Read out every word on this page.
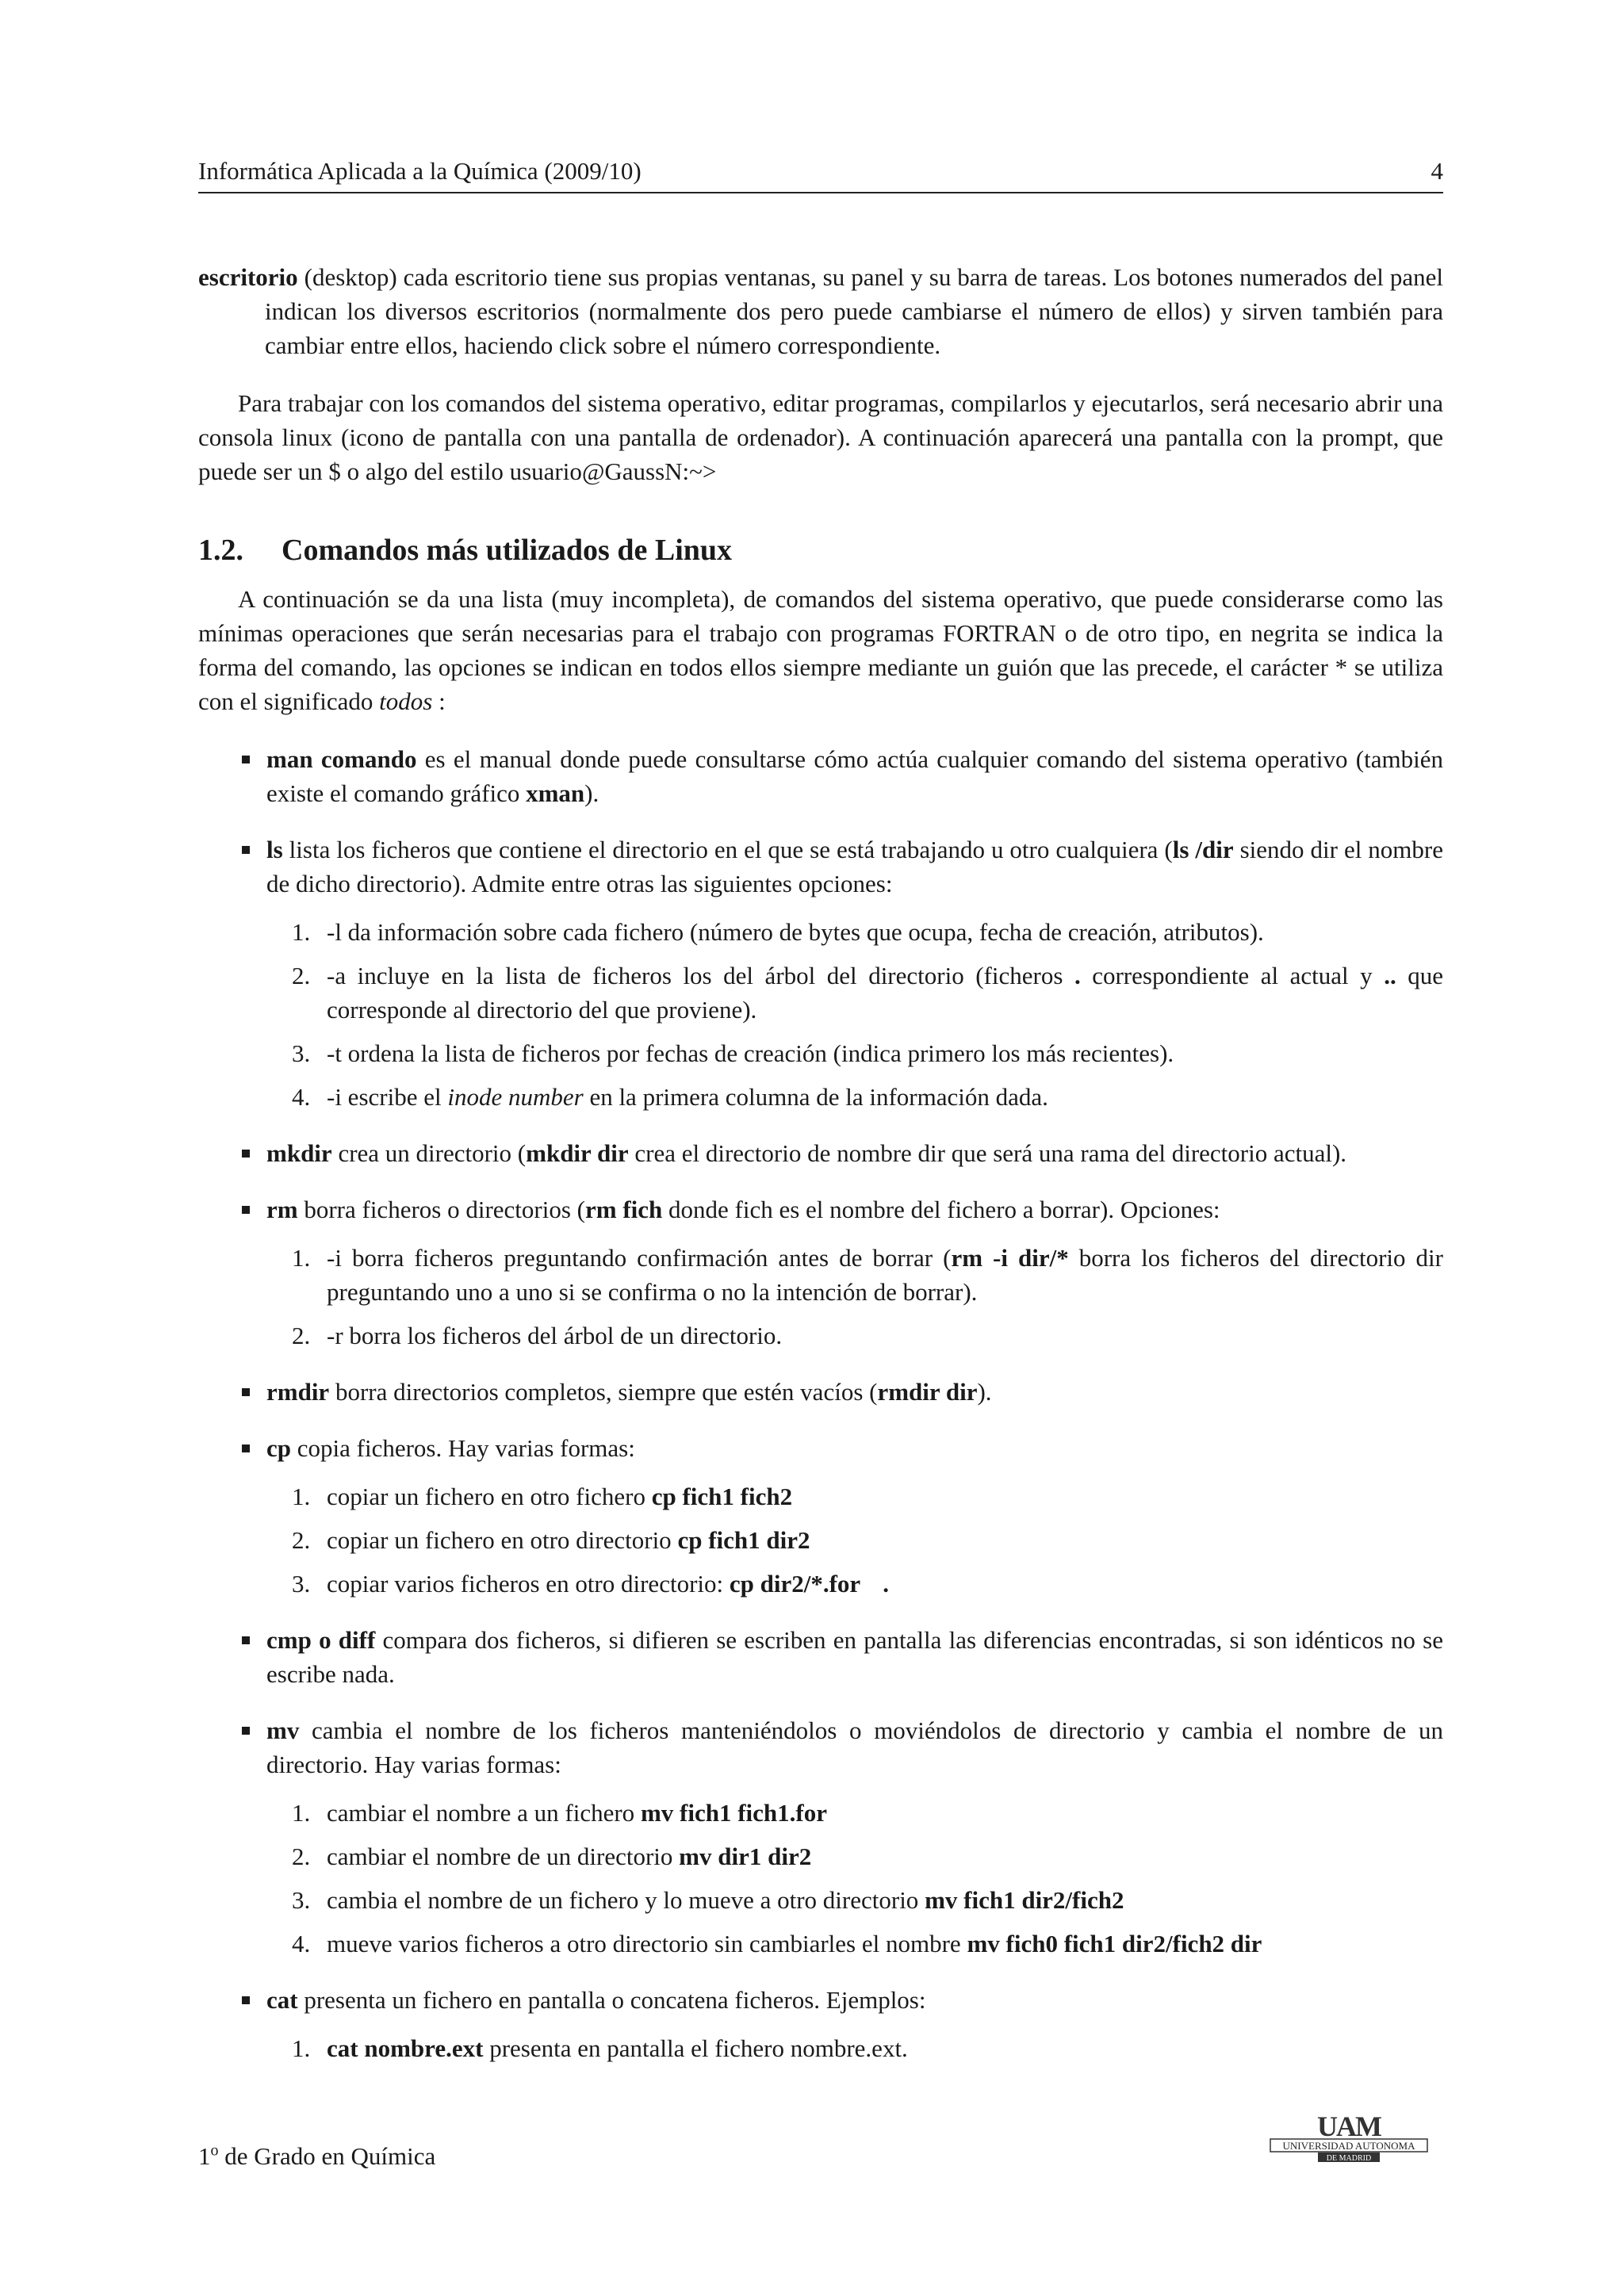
Informática Aplicada a la Química (2009/10)	4

escritorio (desktop) cada escritorio tiene sus propias ventanas, su panel y su barra de tareas. Los botones numerados del panel indican los diversos escritorios (normalmente dos pero puede cambiarse el número de ellos) y sirven también para cambiar entre ellos, haciendo click sobre el número correspondiente.

Para trabajar con los comandos del sistema operativo, editar programas, compilarlos y ejecutarlos, será necesario abrir una consola linux (icono de pantalla con una pantalla de ordenador). A continuación aparecerá una pantalla con la prompt, que puede ser un $ o algo del estilo usuario@GaussN:~>

1.2.	Comandos más utilizados de Linux

A continuación se da una lista (muy incompleta), de comandos del sistema operativo, que puede considerarse como las mínimas operaciones que serán necesarias para el trabajo con programas FORTRAN o de otro tipo, en negrita se indica la forma del comando, las opciones se indican en todos ellos siempre mediante un guión que las precede, el carácter * se utiliza con el significado todos :

man comando es el manual donde puede consultarse cómo actúa cualquier comando del sistema operativo (también existe el comando gráfico xman).
ls lista los ficheros que contiene el directorio en el que se está trabajando u otro cualquiera (ls /dir siendo dir el nombre de dicho directorio). Admite entre otras las siguientes opciones:
1. -l da información sobre cada fichero (número de bytes que ocupa, fecha de creación, atributos).
2. -a incluye en la lista de ficheros los del árbol del directorio (ficheros . correspondiente al actual y .. que corresponde al directorio del que proviene).
3. -t ordena la lista de ficheros por fechas de creación (indica primero los más recientes).
4. -i escribe el inode number en la primera columna de la información dada.
mkdir crea un directorio (mkdir dir crea el directorio de nombre dir que será una rama del directorio actual).
rm borra ficheros o directorios (rm fich donde fich es el nombre del fichero a borrar). Opciones:
1. -i borra ficheros preguntando confirmación antes de borrar (rm -i dir/* borra los ficheros del directorio dir preguntando uno a uno si se confirma o no la intención de borrar).
2. -r borra los ficheros del árbol de un directorio.
rmdir borra directorios completos, siempre que estén vacíos (rmdir dir).
cp copia ficheros. Hay varias formas:
1. copiar un fichero en otro fichero cp fich1 fich2
2. copiar un fichero en otro directorio cp fich1 dir2
3. copiar varios ficheros en otro directorio: cp dir2/*.for .
cmp o diff compara dos ficheros, si difieren se escriben en pantalla las diferencias encontradas, si son idénticos no se escribe nada.
mv cambia el nombre de los ficheros manteniéndolos o moviéndolos de directorio y cambia el nombre de un directorio. Hay varias formas:
1. cambiar el nombre a un fichero mv fich1 fich1.for
2. cambiar el nombre de un directorio mv dir1 dir2
3. cambia el nombre de un fichero y lo mueve a otro directorio mv fich1 dir2/fich2
4. mueve varios ficheros a otro directorio sin cambiarles el nombre mv fich0 fich1 dir2/fich2 dir
cat presenta un fichero en pantalla o concatena ficheros. Ejemplos:
1. cat nombre.ext presenta en pantalla el fichero nombre.ext.
1$^o$ de Grado en Química
UAM
UNIVERSIDAD AUTONOMA
DE MADRID
